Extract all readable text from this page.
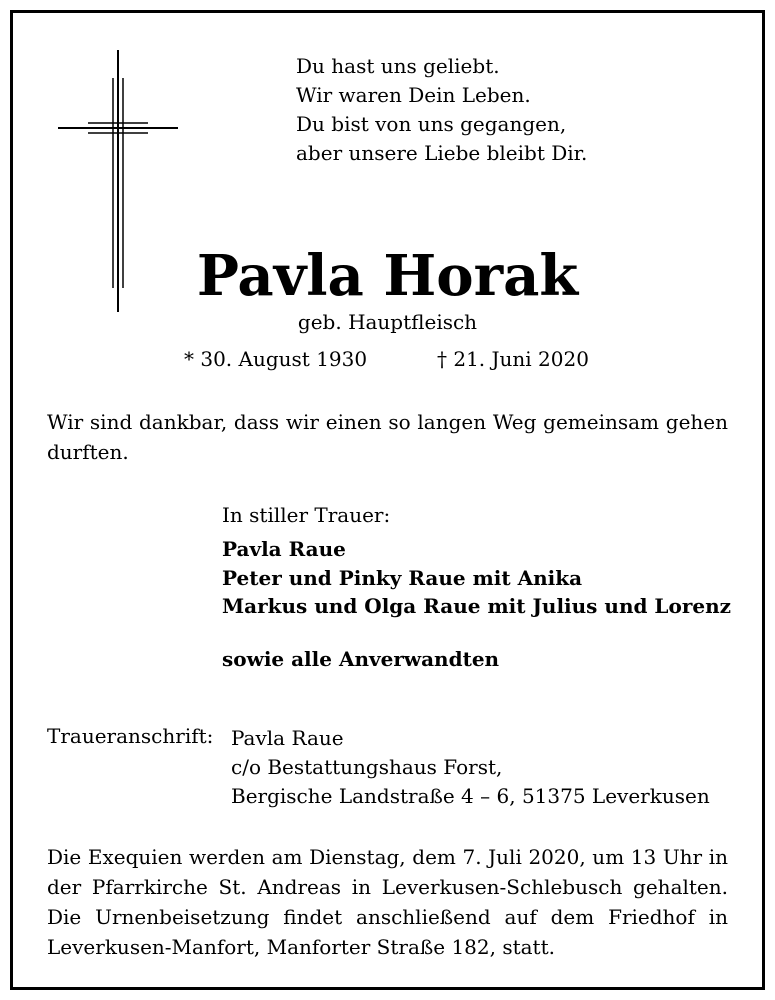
Du hast uns geliebt.
Wir waren Dein Leben.
Du bist von uns gegangen,
aber unsere Liebe bleibt Dir.
Pavla Horak
geb. Hauptfleisch
* 30. August 1930	† 21. Juni 2020
Wir sind dankbar, dass wir einen so langen Weg gemeinsam gehen durften.
In stiller Trauer:
Pavla Raue
Peter und Pinky Raue mit Anika
Markus und Olga Raue mit Julius und Lorenz
sowie alle Anverwandten
Traueranschrift: Pavla Raue
c/o Bestattungshaus Forst,
Bergische Landstraße 4 – 6, 51375 Leverkusen
Die Exequien werden am Dienstag, dem 7. Juli 2020, um 13 Uhr in der Pfarrkirche St. Andreas in Leverkusen-Schlebusch gehalten. Die Urnenbeisetzung findet anschließend auf dem Friedhof in Leverkusen-Manfort, Manforter Straße 182, statt.
